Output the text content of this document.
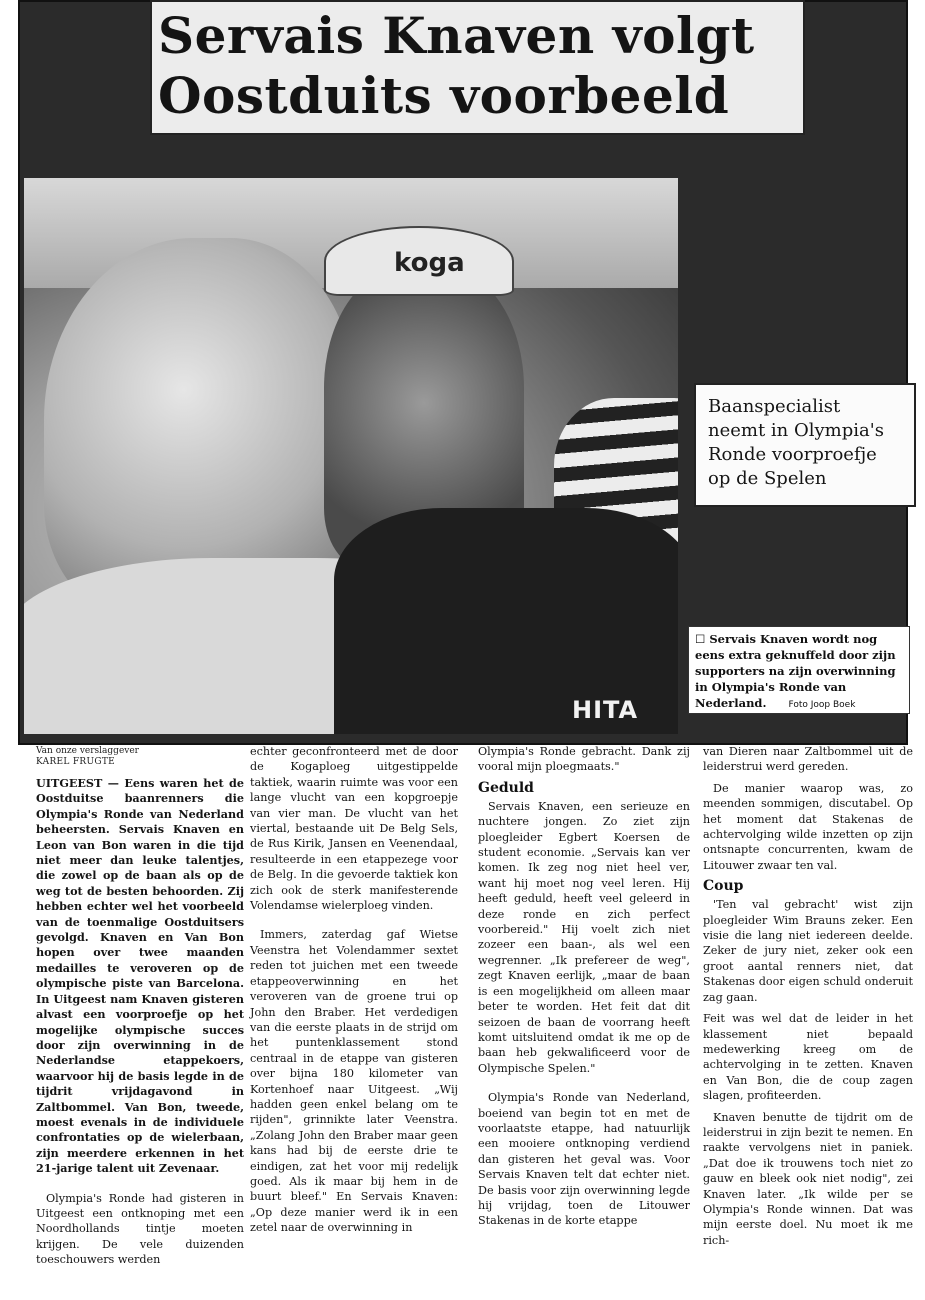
Servais Knaven volgt
Oostduits voorbeeld
koga
HITA
Baanspecialist
neemt in Olympia's
Ronde voorproefje
op de Spelen
☐ Servais Knaven wordt nog eens extra geknuffeld door zijn supporters na zijn overwinning in Olympia's Ronde van Nederland. Foto Joop Boek
Van onze verslaggever
KAREL FRUGTE

UITGEEST — Eens waren het de Oostduitse baanrenners die Olympia's Ronde van Nederland beheersten. Servais Knaven en Leon van Bon waren in die tijd niet meer dan leuke talentjes, die zowel op de baan als op de weg tot de besten behoorden. Zij hebben echter wel het voorbeeld van de toenmalige Oostduitsers gevolgd. Knaven en Van Bon hopen over twee maanden medailles te veroveren op de olympische piste van Barcelona. In Uitgeest nam Knaven gisteren alvast een voorproefje op het mogelijke olympische succes door zijn overwinning in de Nederlandse etappekoers, waarvoor hij de basis legde in de tijdrit vrijdagavond in Zaltbommel. Van Bon, tweede, moest evenals in de individuele confrontaties op de wielerbaan, zijn meerdere erkennen in het 21-jarige talent uit Zevenaar.

Olympia's Ronde had gisteren in Uitgeest een ontknoping met een Noordhollands tintje moeten krijgen. De vele duizenden toeschouwers werden

echter geconfronteerd met de door de Kogaploeg uitgestippelde taktiek, waarin ruimte was voor een lange vlucht van een kopgroepje van vier man. De vlucht van het viertal, bestaande uit De Belg Sels, de Rus Kirik, Jansen en Veenendaal, resulteerde in een etappezege voor de Belg. In die gevoerde taktiek kon zich ook de sterk manifesterende Volendamse wielerploeg vinden.

Immers, zaterdag gaf Wietse Veenstra het Volendammer sextet reden tot juichen met een tweede etappeoverwinning en het veroveren van de groene trui op John den Braber. Het verdedigen van die eerste plaats in de strijd om het puntenklassement stond centraal in de etappe van gisteren over bijna 180 kilometer van Kortenhoef naar Uitgeest. „Wij hadden geen enkel belang om te rijden", grinnikte later Veenstra. „Zolang John den Braber maar geen kans had bij de eerste drie te eindigen, zat het voor mij redelijk goed. Als ik maar bij hem in de buurt bleef." En Servais Knaven: „Op deze manier werd ik in een zetel naar de overwinning in

Olympia's Ronde gebracht. Dank zij vooral mijn ploegmaats."

Geduld

Servais Knaven, een serieuze en nuchtere jongen. Zo ziet zijn ploegleider Egbert Koersen de student economie. „Servais kan ver komen. Ik zeg nog niet heel ver, want hij moet nog veel leren. Hij heeft geduld, heeft veel geleerd in deze ronde en zich perfect voorbereid." Hij voelt zich niet zozeer een baan-, als wel een wegrenner. „Ik prefereer de weg", zegt Knaven eerlijk, „maar de baan is een mogelijkheid om alleen maar beter te worden. Het feit dat dit seizoen de baan de voorrang heeft komt uitsluitend omdat ik me op de baan heb gekwalificeerd voor de Olympische Spelen."

Olympia's Ronde van Nederland, boeiend van begin tot en met de voorlaatste etappe, had natuurlijk een mooiere ontknoping verdiend dan gisteren het geval was. Voor Servais Knaven telt dat echter niet. De basis voor zijn overwinning legde hij vrijdag, toen de Litouwer Stakenas in de korte etappe

van Dieren naar Zaltbommel uit de leiderstrui werd gereden.

De manier waarop was, zo meenden sommigen, discutabel. Op het moment dat Stakenas de achtervolging wilde inzetten op zijn ontsnapte concurrenten, kwam de Litouwer zwaar ten val.

Coup

'Ten val gebracht' wist zijn ploegleider Wim Brauns zeker. Een visie die lang niet iedereen deelde. Zeker de jury niet, zeker ook een groot aantal renners niet, dat Stakenas door eigen schuld onderuit zag gaan.

Feit was wel dat de leider in het klassement niet bepaald medewerking kreeg om de achtervolging in te zetten. Knaven en Van Bon, die de coup zagen slagen, profiteerden.

Knaven benutte de tijdrit om de leiderstrui in zijn bezit te nemen. En raakte vervolgens niet in paniek. „Dat doe ik trouwens toch niet zo gauw en bleek ook niet nodig", zei Knaven later. „Ik wilde per se Olympia's Ronde winnen. Dat was mijn eerste doel. Nu moet ik me rich-
